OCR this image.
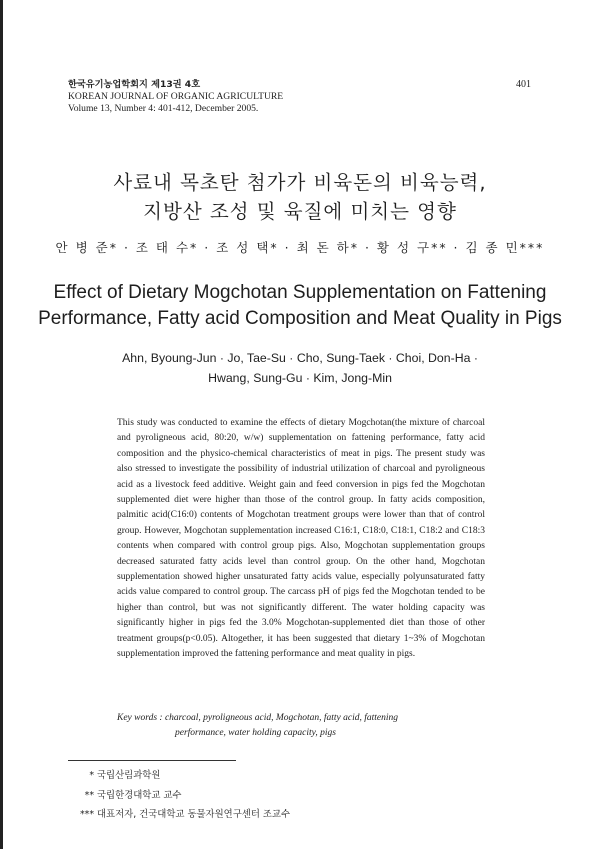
한국유기농업학회지 제13권 4호
KOREAN JOURNAL OF ORGANIC AGRICULTURE
Volume 13, Number 4: 401-412, December 2005.
401
사료내 목초탄 첨가가 비육돈의 비육능력,
지방산 조성 및 육질에 미치는 영향
안 병 준* · 조 태 수* · 조 성 택* · 최 돈 하* · 황 성 구** · 김 종 민***
Effect of Dietary Mogchotan Supplementation on Fattening
Performance, Fatty acid Composition and Meat Quality in Pigs
Ahn, Byoung-Jun · Jo, Tae-Su · Cho, Sung-Taek · Choi, Don-Ha ·
Hwang, Sung-Gu · Kim, Jong-Min
This study was conducted to examine the effects of dietary Mogchotan(the mixture of charcoal and pyroligneous acid, 80:20, w/w) supplementation on fattening performance, fatty acid composition and the physico-chemical characteristics of meat in pigs. The present study was also stressed to investigate the possibility of industrial utilization of charcoal and pyroligneous acid as a livestock feed additive. Weight gain and feed conversion in pigs fed the Mogchotan supplemented diet were higher than those of the control group. In fatty acids composition, palmitic acid(C16:0) contents of Mogchotan treatment groups were lower than that of control group. However, Mogchotan supplementation increased C16:1, C18:0, C18:1, C18:2 and C18:3 contents when compared with control group pigs. Also, Mogchotan supplementation groups decreased saturated fatty acids level than control group. On the other hand, Mogchotan supplementation showed higher unsaturated fatty acids value, especially polyunsaturated fatty acids value compared to control group. The carcass pH of pigs fed the Mogchotan tended to be higher than control, but was not significantly different. The water holding capacity was significantly higher in pigs fed the 3.0% Mogchotan-supplemented diet than those of other treatment groups(p<0.05). Altogether, it has been suggested that dietary 1~3% of Mogchotan supplementation improved the fattening performance and meat quality in pigs.
Key words : charcoal, pyroligneous acid, Mogchotan, fatty acid, fattening
performance, water holding capacity, pigs
* 국립산림과학원
** 국립한경대학교 교수
*** 대표저자, 건국대학교 동물자원연구센터 조교수
